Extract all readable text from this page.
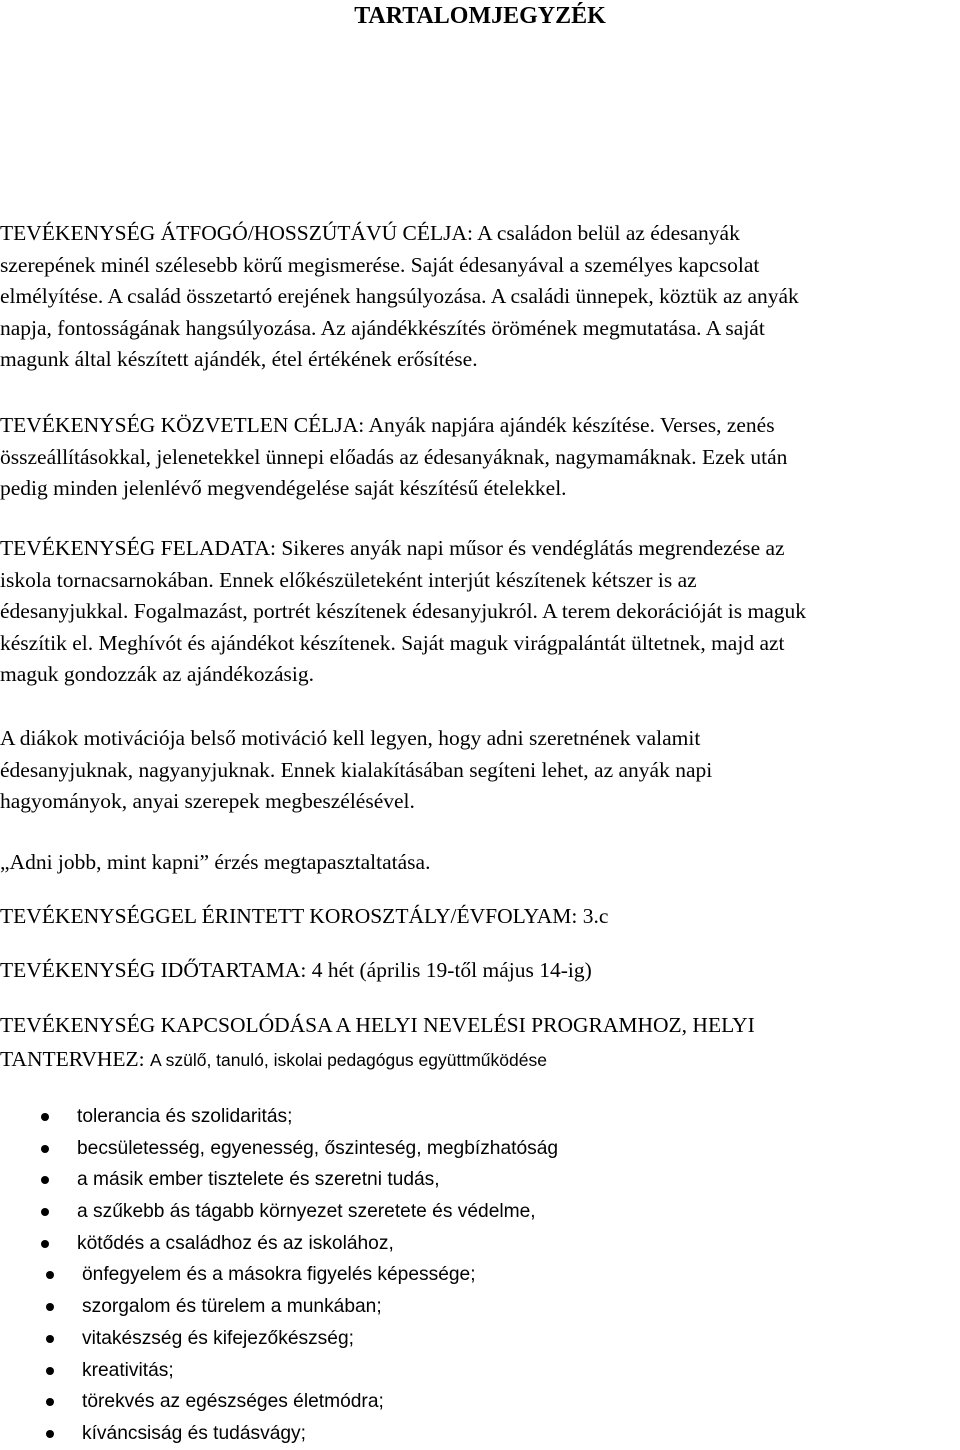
TARTALOMJEGYZÉK

TEVÉKENYSÉG ÁTFOGÓ/HOSSZÚTÁVÚ CÉLJA: A családon belül az édesanyák
szerepének minél szélesebb körű megismerése. Saját édesanyával a személyes kapcsolat
elmélyítése. A család összetartó erejének hangsúlyozása. A családi ünnepek, köztük az anyák
napja, fontosságának hangsúlyozása. Az ajándékkészítés örömének megmutatása. A saját
magunk által készített ajándék, étel értékének erősítése.

TEVÉKENYSÉG KÖZVETLEN CÉLJA: Anyák napjára ajándék készítése. Verses, zenés
összeállításokkal, jelenetekkel ünnepi előadás az édesanyáknak, nagymamáknak. Ezek után
pedig minden jelenlévő megvendégelése saját készítésű ételekkel.

TEVÉKENYSÉG FELADATA: Sikeres anyák napi műsor és vendéglátás megrendezése az
iskola tornacsarnokában. Ennek előkészületeként interjút készítenek kétszer is az
édesanyjukkal. Fogalmazást, portrét készítenek édesanyjukról. A terem dekorációját is maguk
készítik el. Meghívót és ajándékot készítenek. Saját maguk virágpalántát ültetnek, majd azt
maguk gondozzák az ajándékozásig.

A diákok motivációja belső motiváció kell legyen, hogy adni szeretnének valamit
édesanyjuknak, nagyanyjuknak. Ennek kialakításában segíteni lehet, az anyák napi
hagyományok, anyai szerepek megbeszélésével.

„Adni jobb, mint kapni” érzés megtapasztaltatása.

TEVÉKENYSÉGGEL ÉRINTETT KOROSZTÁLY/ÉVFOLYAM: 3.c

TEVÉKENYSÉG IDŐTARTAMA: 4 hét (április 19-től május 14-ig)

TEVÉKENYSÉG KAPCSOLÓDÁSA A HELYI NEVELÉSI PROGRAMHOZ, HELYI

TANTERVHEZ: A szülő, tanuló, iskolai pedagógus együttműködése

tolerancia és szolidaritás;
becsületesség, egyenesség, őszinteség, megbízhatóság
a másik ember tisztelete és szeretni tudás,
a szűkebb ás tágabb környezet szeretete és védelme,
kötődés a családhoz és az iskolához,
önfegyelem és a másokra figyelés képessége;
szorgalom és türelem a munkában;
vitakészség és kifejezőkészség;
kreativitás;
törekvés az egészséges életmódra;
kíváncsiság és tudásvágy;
